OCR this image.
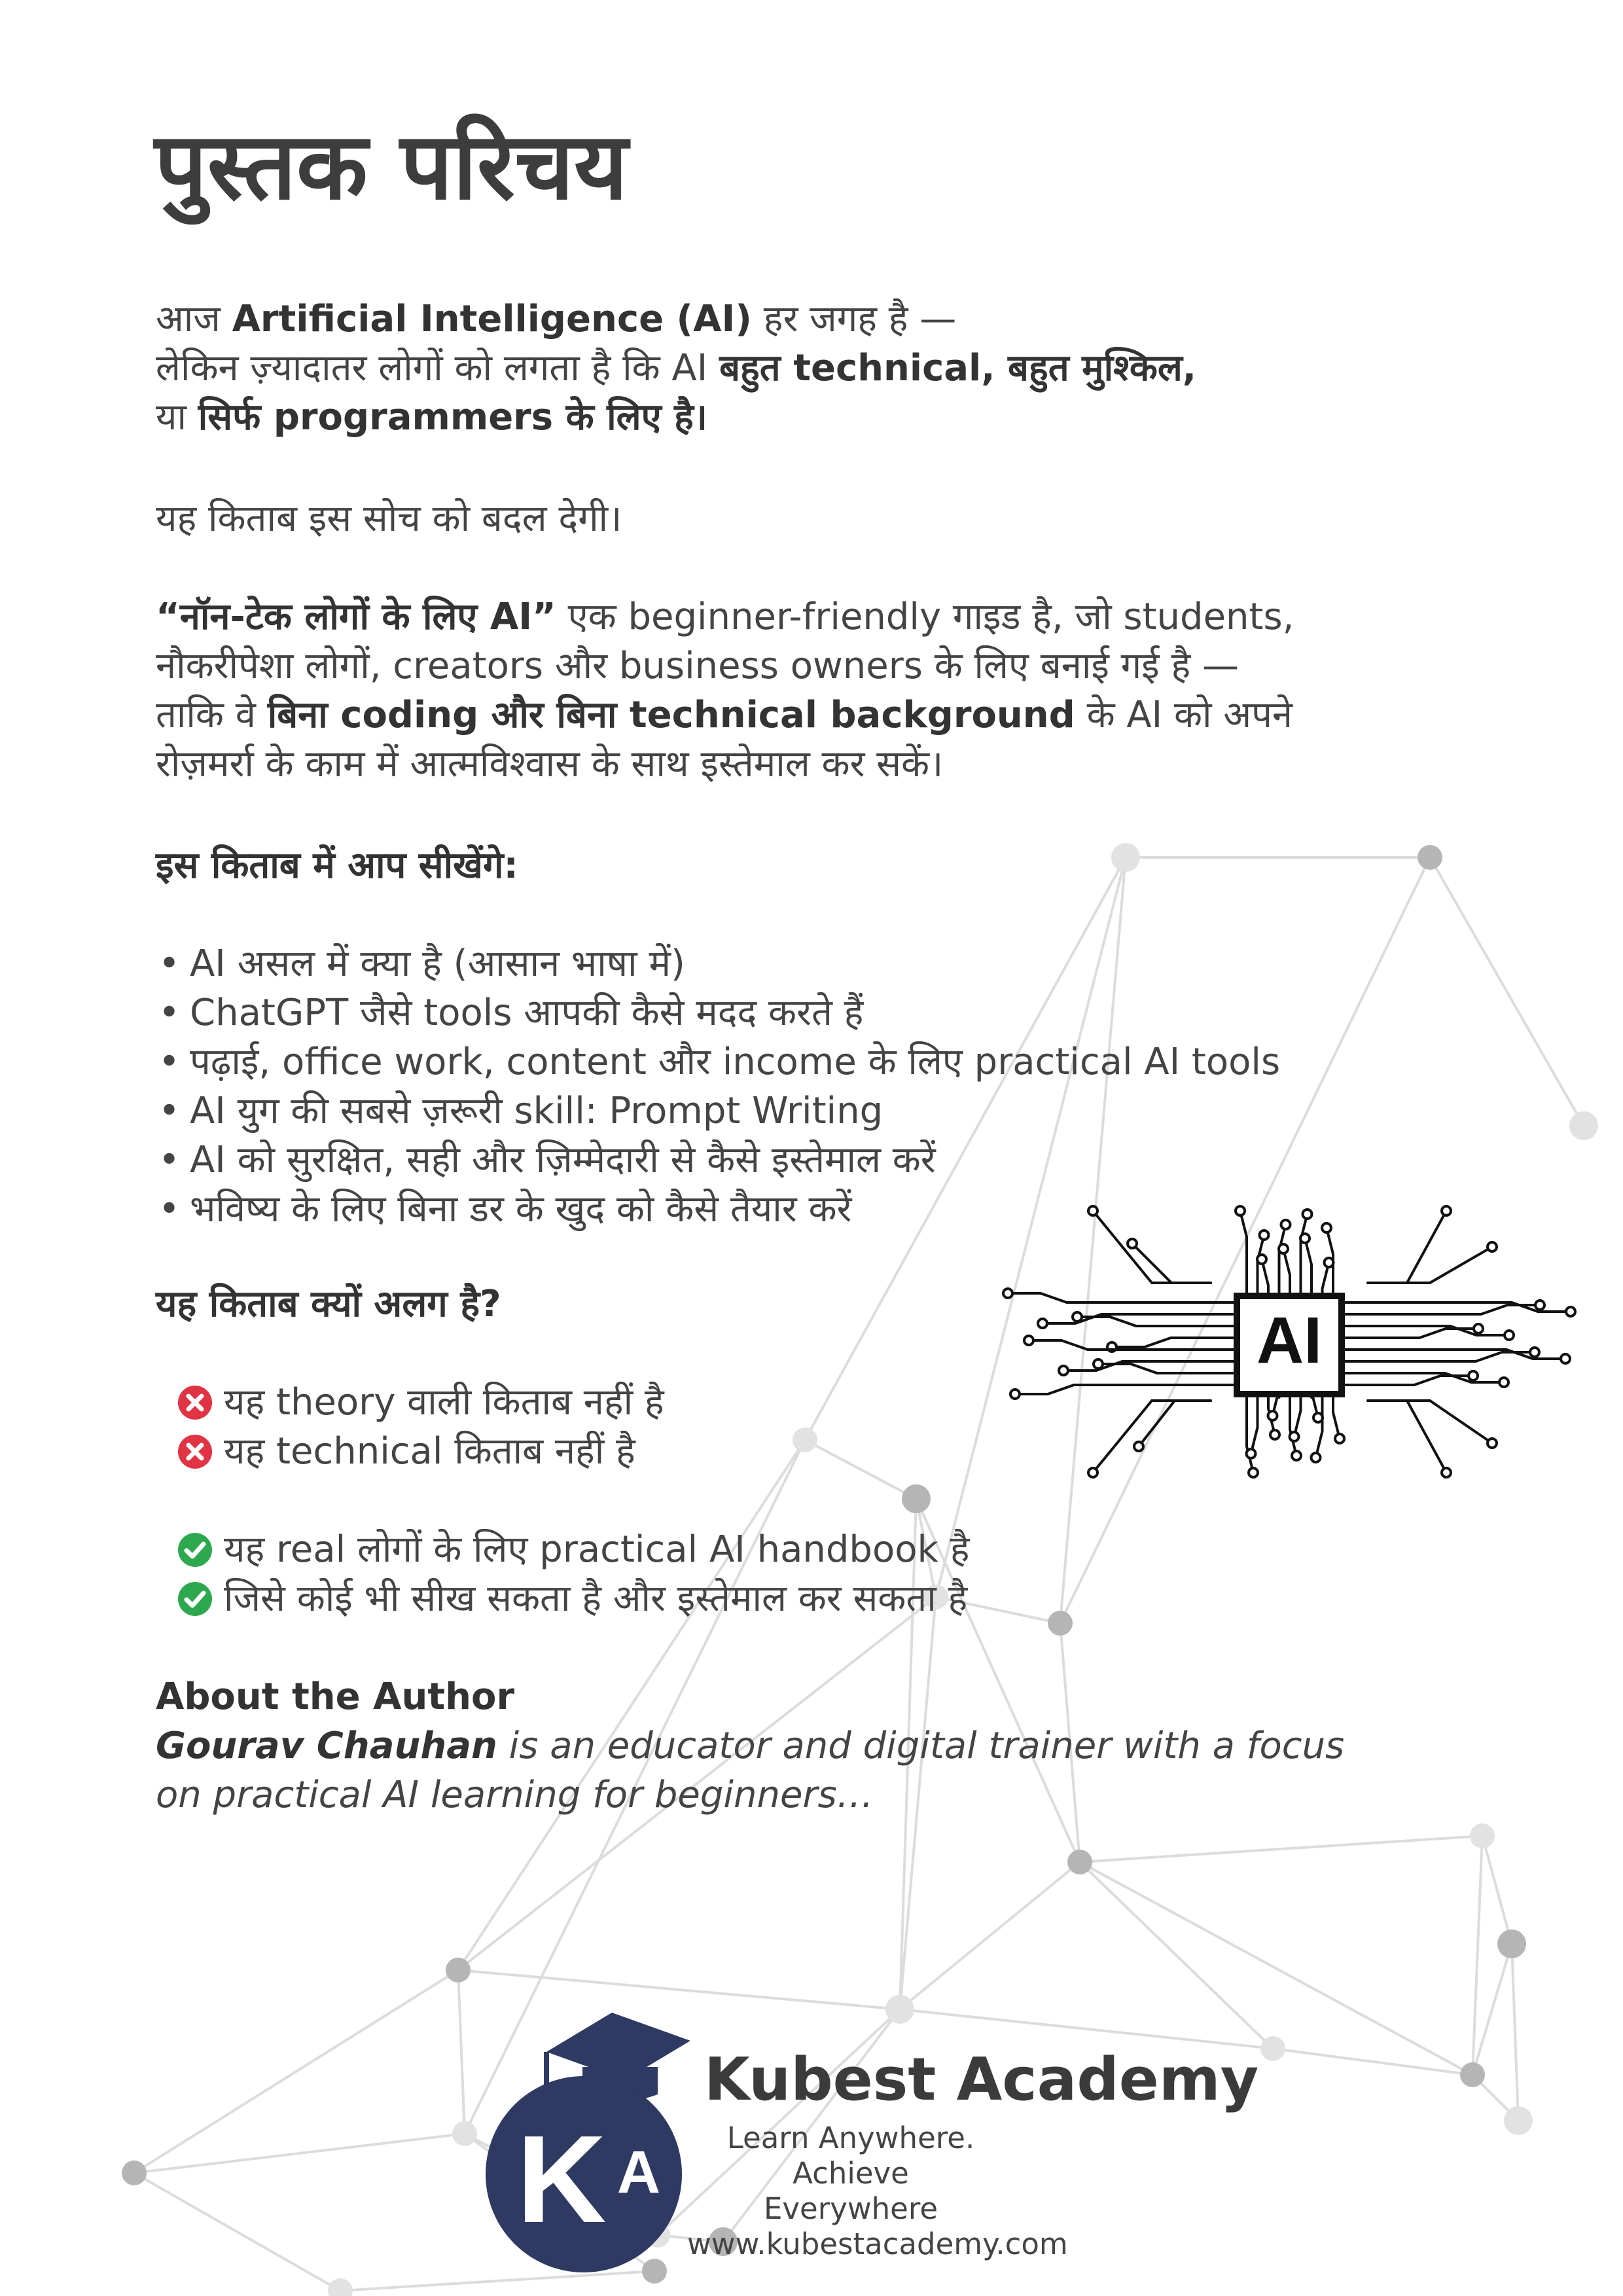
पुस्तक परिचय

आज Artificial Intelligence (AI) हर जगह है —

लेकिन ज़्यादातर लोगों को लगता है कि AI बहुत technical, बहुत मुश्किल,

या सिर्फ programmers के लिए है।

यह किताब इस सोच को बदल देगी।

“नॉन-टेक लोगों के लिए AI” एक beginner-friendly गाइड है, जो students,

नौकरीपेशा लोगों, creators और business owners के लिए बनाई गई है —

ताकि वे बिना coding और बिना technical background के AI को अपने

रोज़मर्रा के काम में आत्मविश्वास के साथ इस्तेमाल कर सकें।

इस किताब में आप सीखेंगे:

• AI असल में क्या है (आसान भाषा में)
• ChatGPT जैसे tools आपकी कैसे मदद करते हैं
• पढ़ाई, office work, content और income के लिए practical AI tools
• AI युग की सबसे ज़रूरी skill: Prompt Writing
• AI को सुरक्षित, सही और ज़िम्मेदारी से कैसे इस्तेमाल करें
• भविष्य के लिए बिना डर के खुद को कैसे तैयार करें

यह किताब क्यों अलग है?

यह theory वाली किताब नहीं है
यह technical किताब नहीं है
यह real लोगों के लिए practical AI handbook है
जिसे कोई भी सीख सकता है और इस्तेमाल कर सकता है
AI

About the Author

Gourav Chauhan is an educator and digital trainer with a focus

on practical AI learning for beginners…

K A
Kubest Academy
Learn Anywhere. Achieve
Everywhere
www.kubestacademy.com
